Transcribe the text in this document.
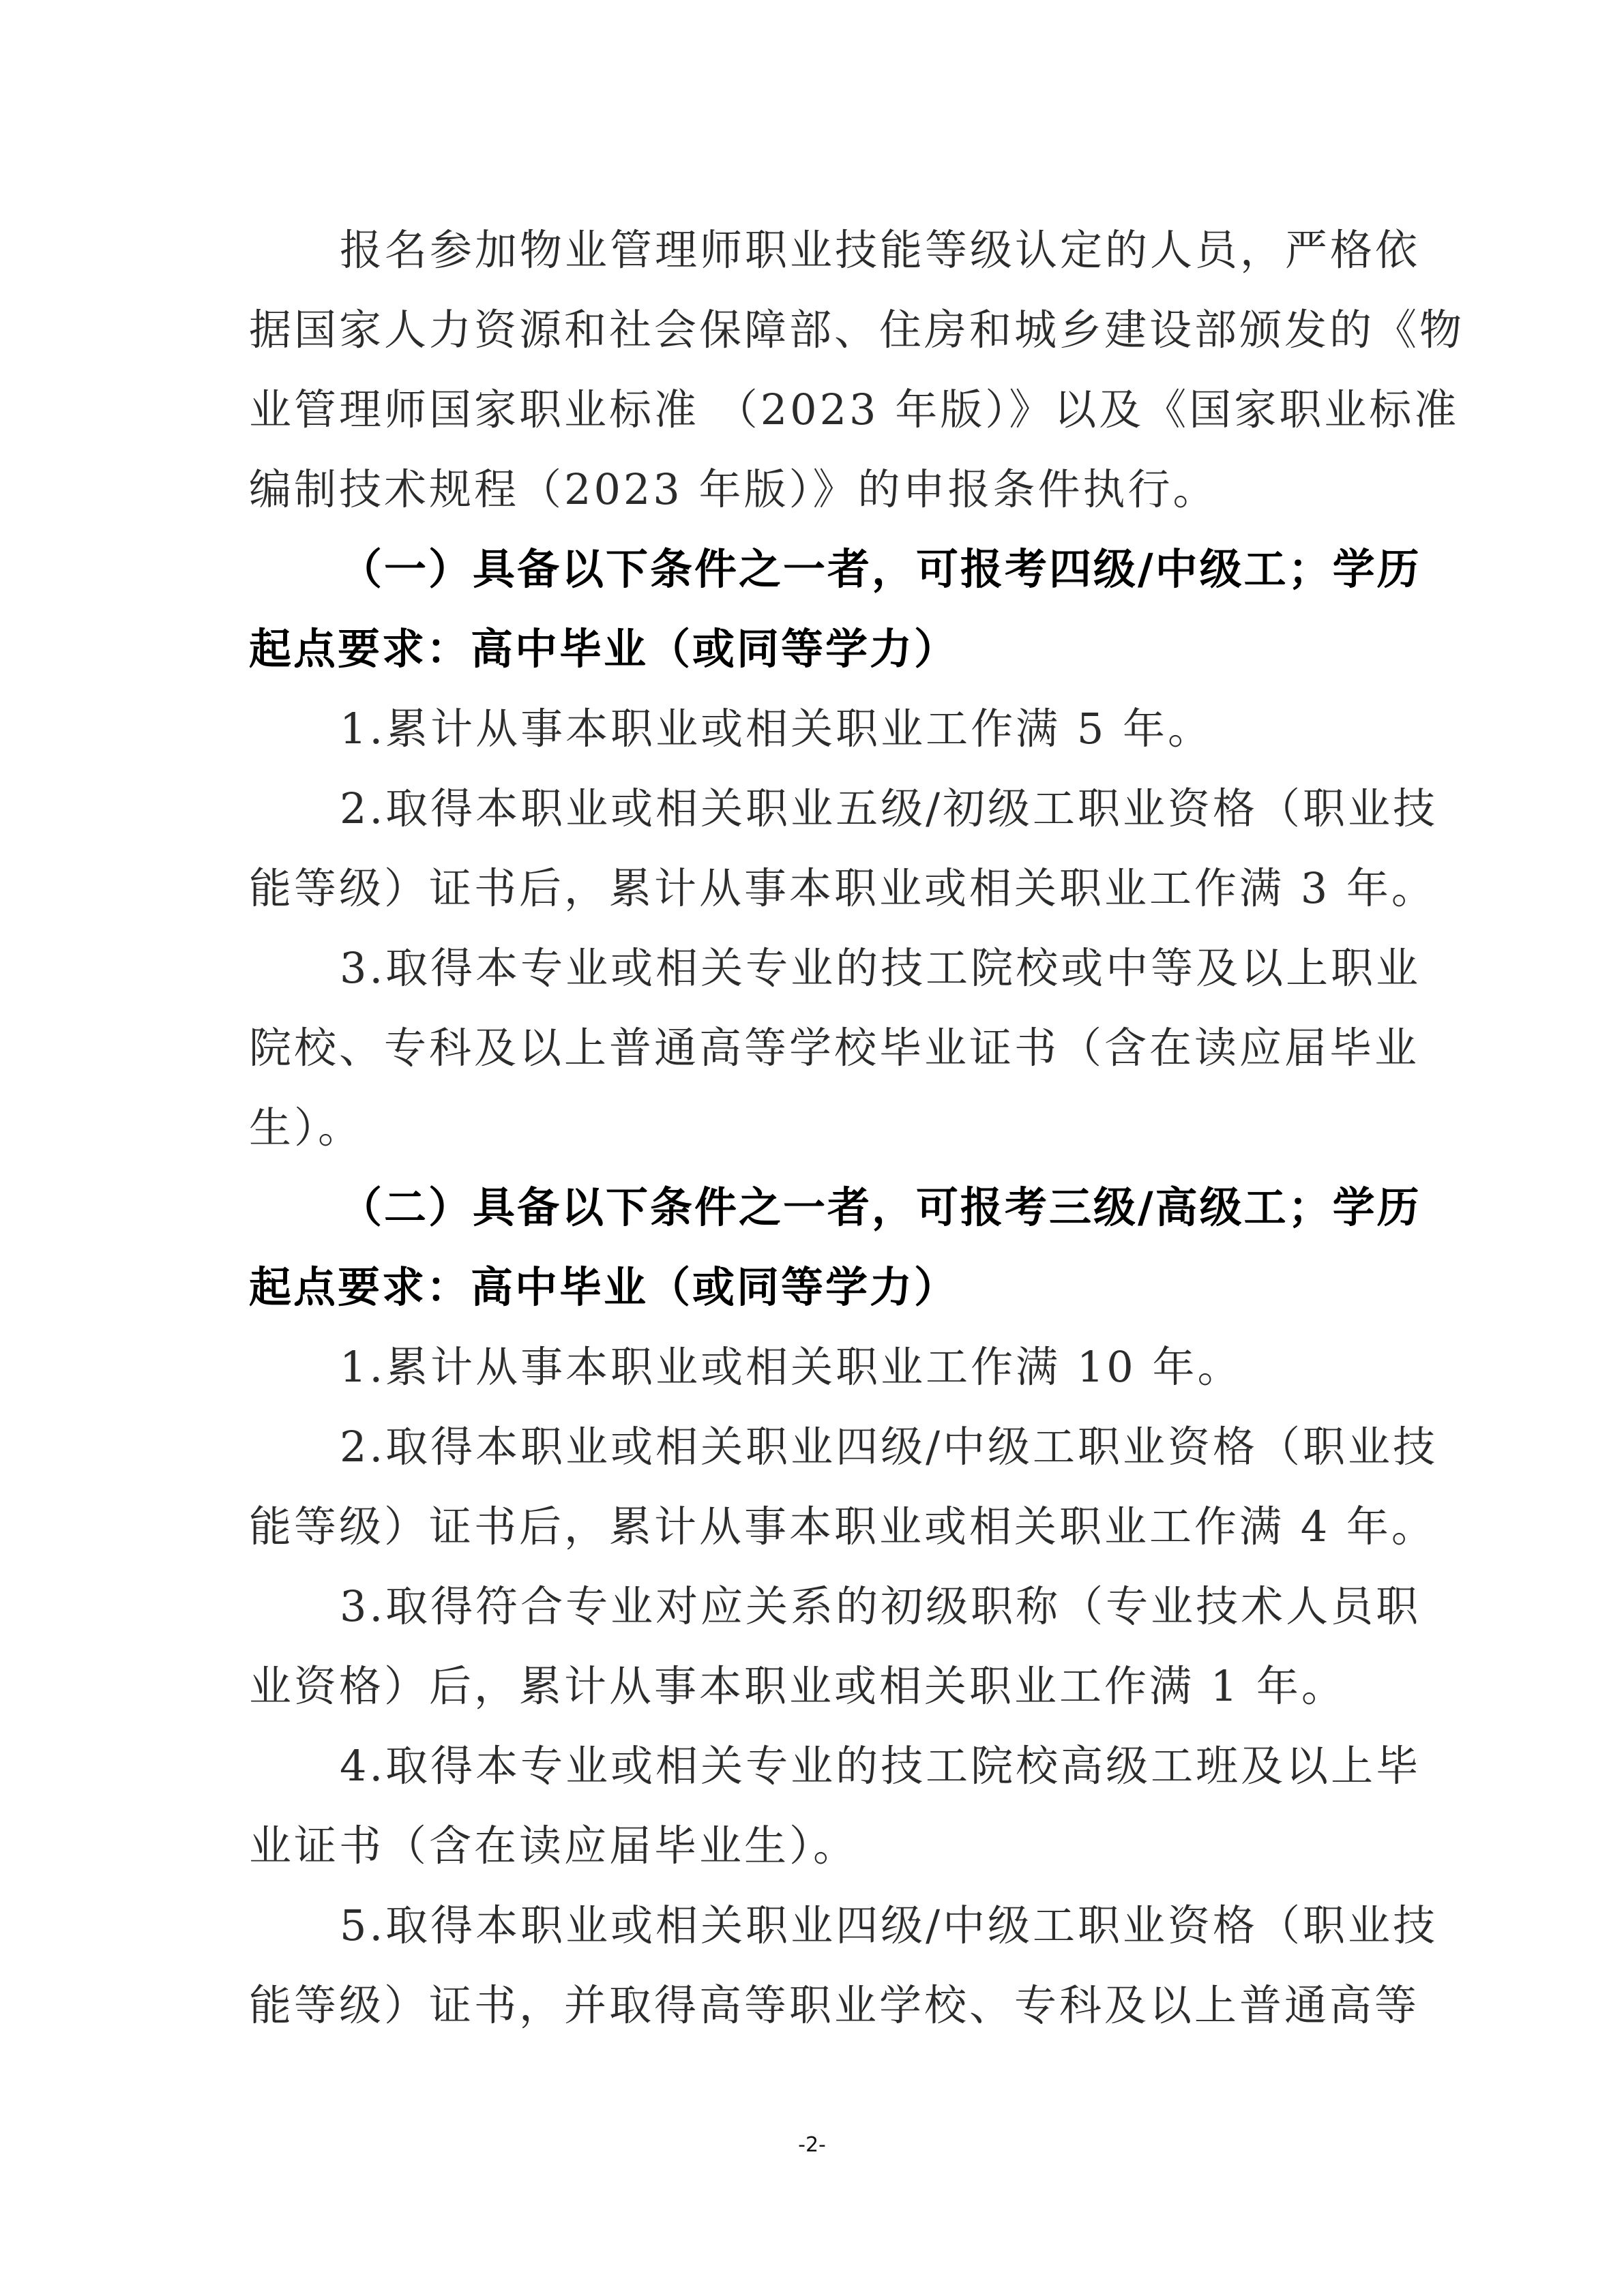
报名参加物业管理师职业技能等级认定的人员，严格依
据国家人力资源和社会保障部、住房和城乡建设部颁发的《物
业管理师国家职业标准 （2023 年版）》以及《国家职业标准
编制技术规程（2023 年版）》的申报条件执行。
（一）具备以下条件之一者，可报考四级/中级工；学历
起点要求：高中毕业（或同等学力）
1.累计从事本职业或相关职业工作满 5 年。
2.取得本职业或相关职业五级/初级工职业资格（职业技
能等级）证书后，累计从事本职业或相关职业工作满 3 年。
3.取得本专业或相关专业的技工院校或中等及以上职业
院校、专科及以上普通高等学校毕业证书（含在读应届毕业
生）。
（二）具备以下条件之一者，可报考三级/高级工；学历
起点要求：高中毕业（或同等学力）
1.累计从事本职业或相关职业工作满 10 年。
2.取得本职业或相关职业四级/中级工职业资格（职业技
能等级）证书后，累计从事本职业或相关职业工作满 4 年。
3.取得符合专业对应关系的初级职称（专业技术人员职
业资格）后，累计从事本职业或相关职业工作满 1 年。
4.取得本专业或相关专业的技工院校高级工班及以上毕
业证书（含在读应届毕业生）。
5.取得本职业或相关职业四级/中级工职业资格（职业技
能等级）证书，并取得高等职业学校、专科及以上普通高等
-2-
